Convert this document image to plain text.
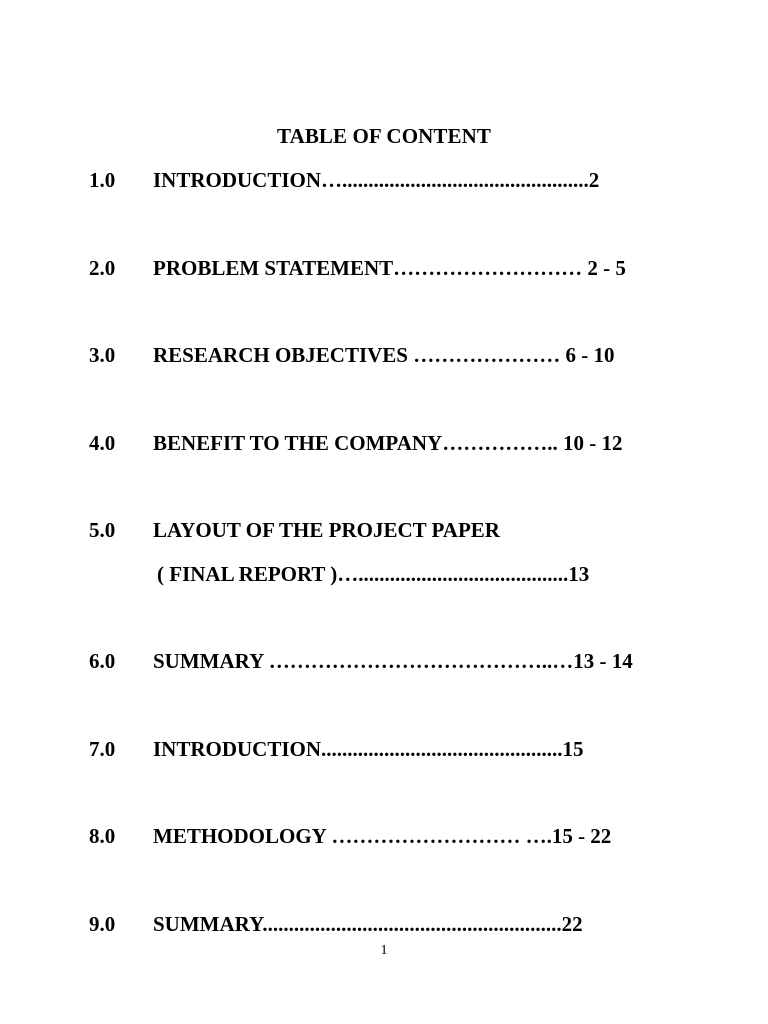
TABLE OF CONTENT
1.0 INTRODUCTION…...............................................2
2.0 PROBLEM STATEMENT……………………… 2 - 5
3.0 RESEARCH OBJECTIVES ………………… 6 - 10
4.0 BENEFIT TO THE COMPANY…………….. 10 - 12
5.0 LAYOUT OF THE PROJECT PAPER
( FINAL REPORT )…........................................13
6.0 SUMMARY …………………………………..…13 - 14
7.0 INTRODUCTION..............................................15
8.0 METHODOLOGY ……………………… ….15 - 22
9.0 SUMMARY.........................................................22
1
